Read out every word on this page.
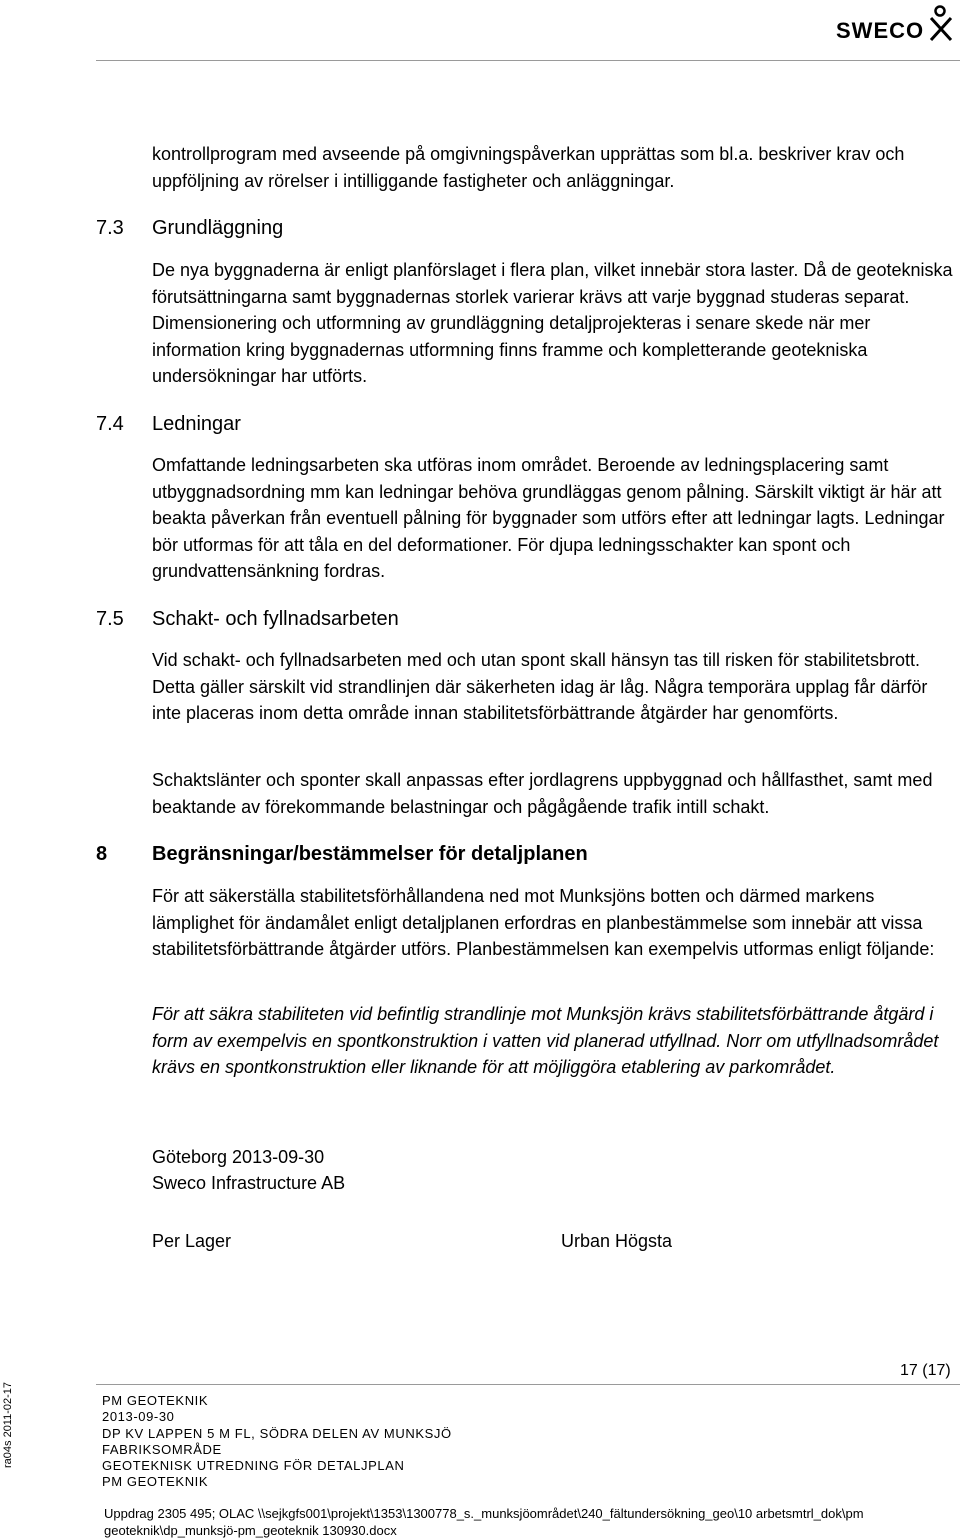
SWECO
kontrollprogram med avseende på omgivningspåverkan upprättas som bl.a. beskriver krav och uppföljning av rörelser i intilliggande fastigheter och anläggningar.
7.3 Grundläggning
De nya byggnaderna är enligt planförslaget i flera plan, vilket innebär stora laster. Då de geotekniska förutsättningarna samt byggnadernas storlek varierar krävs att varje byggnad studeras separat. Dimensionering och utformning av grundläggning detaljprojekteras i senare skede när mer information kring byggnadernas utformning finns framme och kompletterande geotekniska undersökningar har utförts.
7.4 Ledningar
Omfattande ledningsarbeten ska utföras inom området. Beroende av ledningsplacering samt utbyggnadsordning mm kan ledningar behöva grundläggas genom pålning. Särskilt viktigt är här att beakta påverkan från eventuell pålning för byggnader som utförs efter att ledningar lagts. Ledningar bör utformas för att tåla en del deformationer. För djupa ledningsschakter kan spont och grundvattensänkning fordras.
7.5 Schakt- och fyllnadsarbeten
Vid schakt- och fyllnadsarbeten med och utan spont skall hänsyn tas till risken för stabilitetsbrott. Detta gäller särskilt vid strandlinjen där säkerheten idag är låg. Några temporära upplag får därför inte placeras inom detta område innan stabilitetsförbättrande åtgärder har genomförts.
Schaktslänter och sponter skall anpassas efter jordlagrens uppbyggnad och hållfasthet, samt med beaktande av förekommande belastningar och pågågående trafik intill schakt.
8 Begränsningar/bestämmelser för detaljplanen
För att säkerställa stabilitetsförhållandena ned mot Munksjöns botten och därmed markens lämplighet för ändamålet enligt detaljplanen erfordras en planbestämmelse som innebär att vissa stabilitetsförbättrande åtgärder utförs. Planbestämmelsen kan exempelvis utformas enligt följande:
För att säkra stabiliteten vid befintlig strandlinje mot Munksjön krävs stabilitetsförbättrande åtgärd i form av exempelvis en spontkonstruktion i vatten vid planerad utfyllnad. Norr om utfyllnadsområdet krävs en spontkonstruktion eller liknande för att möjliggöra etablering av parkområdet.
Göteborg 2013-09-30
Sweco Infrastructure AB
Per Lager	Urban Högsta
17 (17)
PM GEOTEKNIK
2013-09-30
DP KV LAPPEN 5 M FL, SÖDRA DELEN AV MUNKSJÖ
FABRIKSOMRÅDE
GEOTEKNISK UTREDNING FÖR DETALJPLAN
PM GEOTEKNIK
Uppdrag 2305 495; OLAC \\sejkgfs001\projekt\1353\1300778_s._munksjöområdet\240_fältundersökning_geo\10 arbetsmtrl_dok\pm
geoteknik\dp_munksjö-pm_geoteknik 130930.docx
ra04s 2011-02-17
